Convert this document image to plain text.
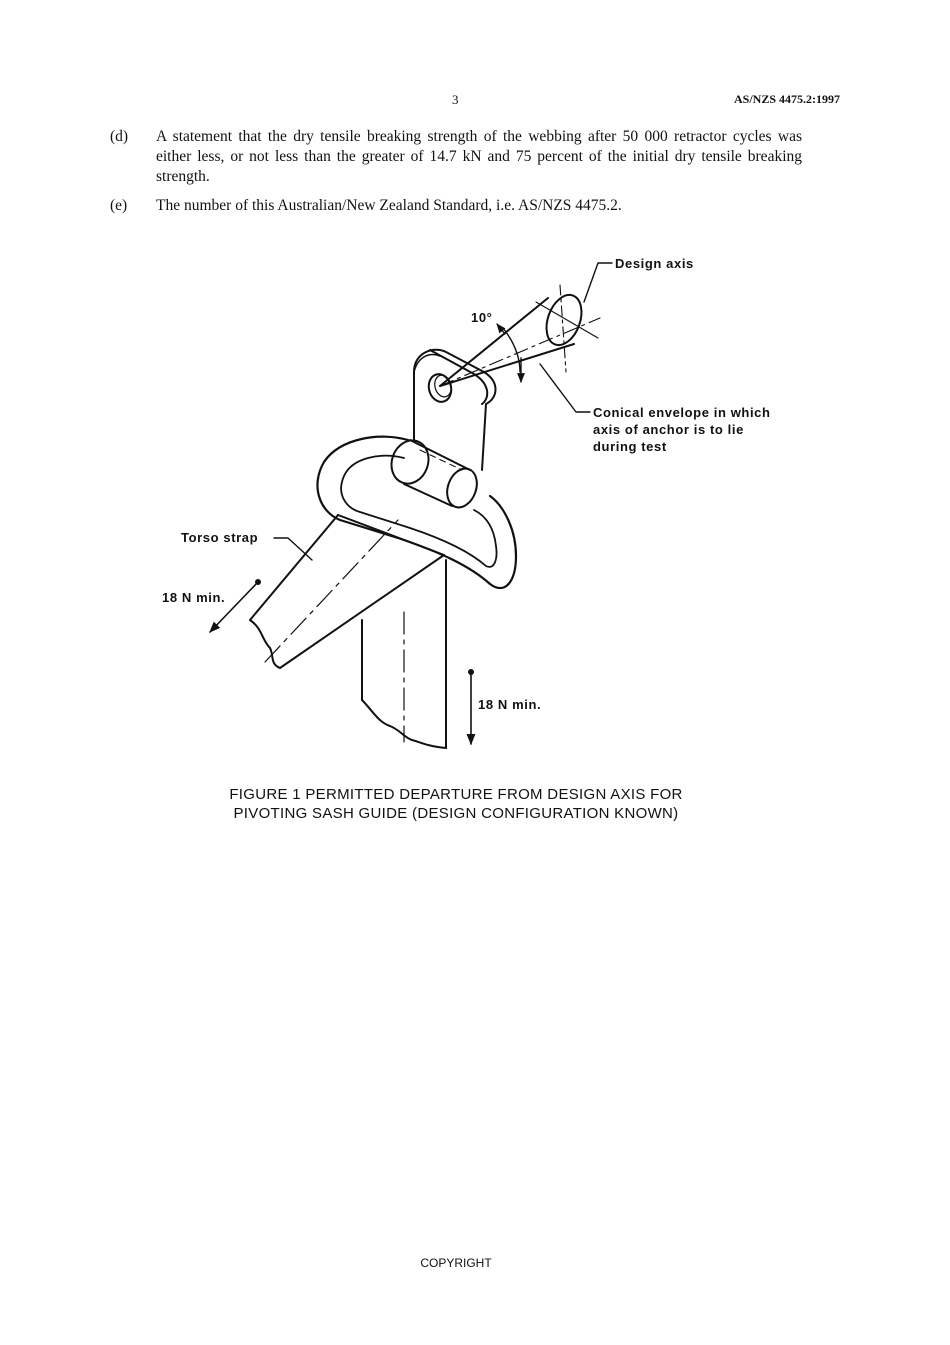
3	AS/NZS 4475.2:1997
(d) A statement that the dry tensile breaking strength of the webbing after 50 000 retractor cycles was either less, or not less than the greater of 14.7 kN and 75 percent of the initial dry tensile breaking strength.
(e) The number of this Australian/New Zealand Standard, i.e. AS/NZS 4475.2.
Design axis
10°
Conical envelope in which
axis of anchor is to lie
during test
Torso strap
18 N min.
18 N min.
FIGURE 1 PERMITTED DEPARTURE FROM DESIGN AXIS FOR
PIVOTING SASH GUIDE (DESIGN CONFIGURATION KNOWN)
COPYRIGHT
